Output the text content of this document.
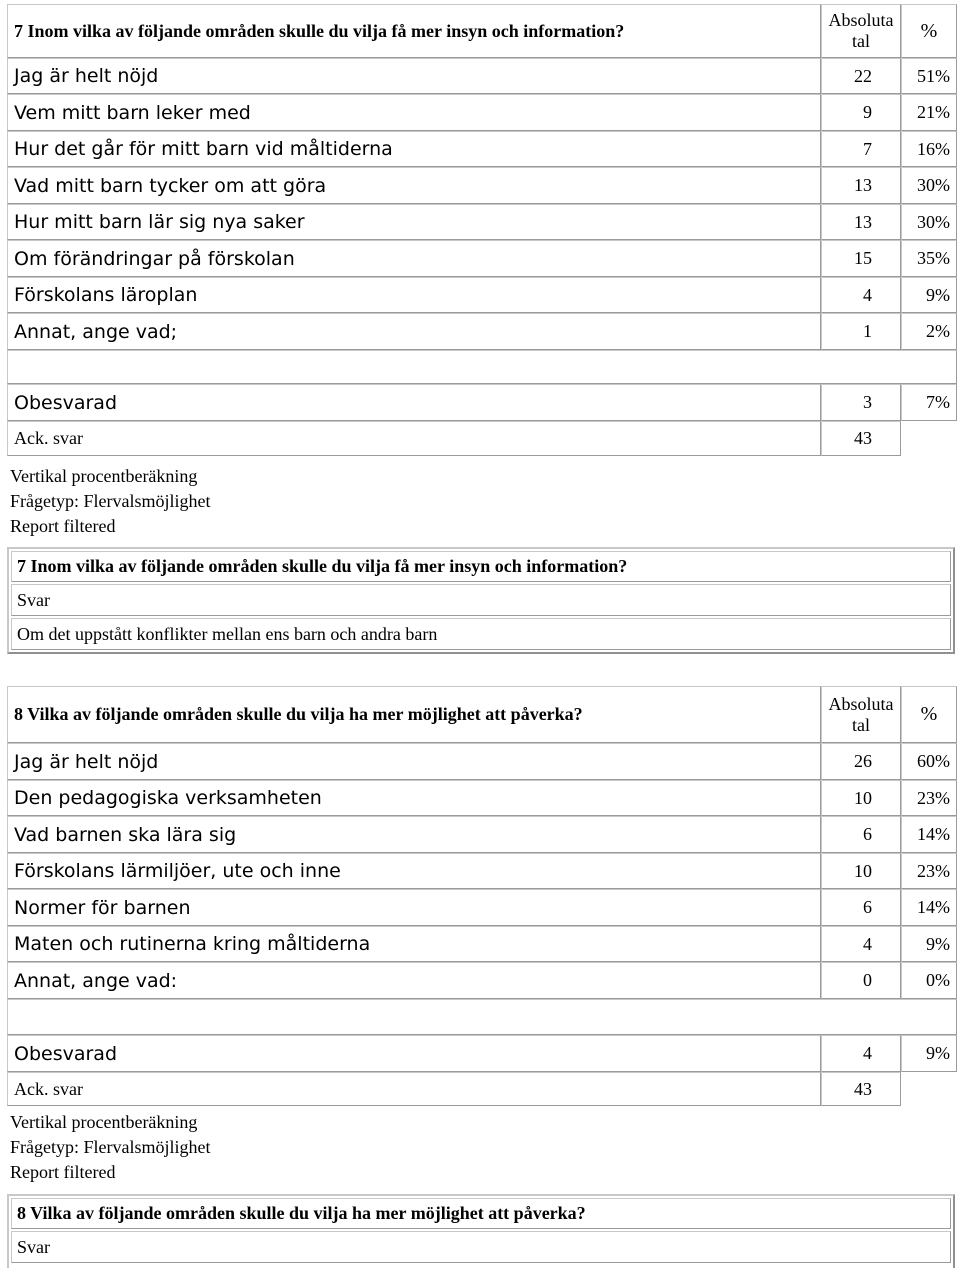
7 Inom vilka av följande områden skulle du vilja få mer insyn och information?	Absoluta tal	%
Jag är helt nöjd	22	51%
Vem mitt barn leker med	9	21%
Hur det går för mitt barn vid måltiderna	7	16%
Vad mitt barn tycker om att göra	13	30%
Hur mitt barn lär sig nya saker	13	30%
Om förändringar på förskolan	15	35%
Förskolans läroplan	4	9%
Annat, ange vad;	1	2%

Obesvarad	3	7%
Ack. svar	43	
Vertikal procentberäkning
Frågetyp: Flervalsmöjlighet
Report filtered
7 Inom vilka av följande områden skulle du vilja få mer insyn och information?
Svar
Om det uppstått konflikter mellan ens barn och andra barn
8 Vilka av följande områden skulle du vilja ha mer möjlighet att påverka?	Absoluta tal	%
Jag är helt nöjd	26	60%
Den pedagogiska verksamheten	10	23%
Vad barnen ska lära sig	6	14%
Förskolans lärmiljöer, ute och inne	10	23%
Normer för barnen	6	14%
Maten och rutinerna kring måltiderna	4	9%
Annat, ange vad:	0	0%

Obesvarad	4	9%
Ack. svar	43	
Vertikal procentberäkning
Frågetyp: Flervalsmöjlighet
Report filtered
8 Vilka av följande områden skulle du vilja ha mer möjlighet att påverka?
Svar
